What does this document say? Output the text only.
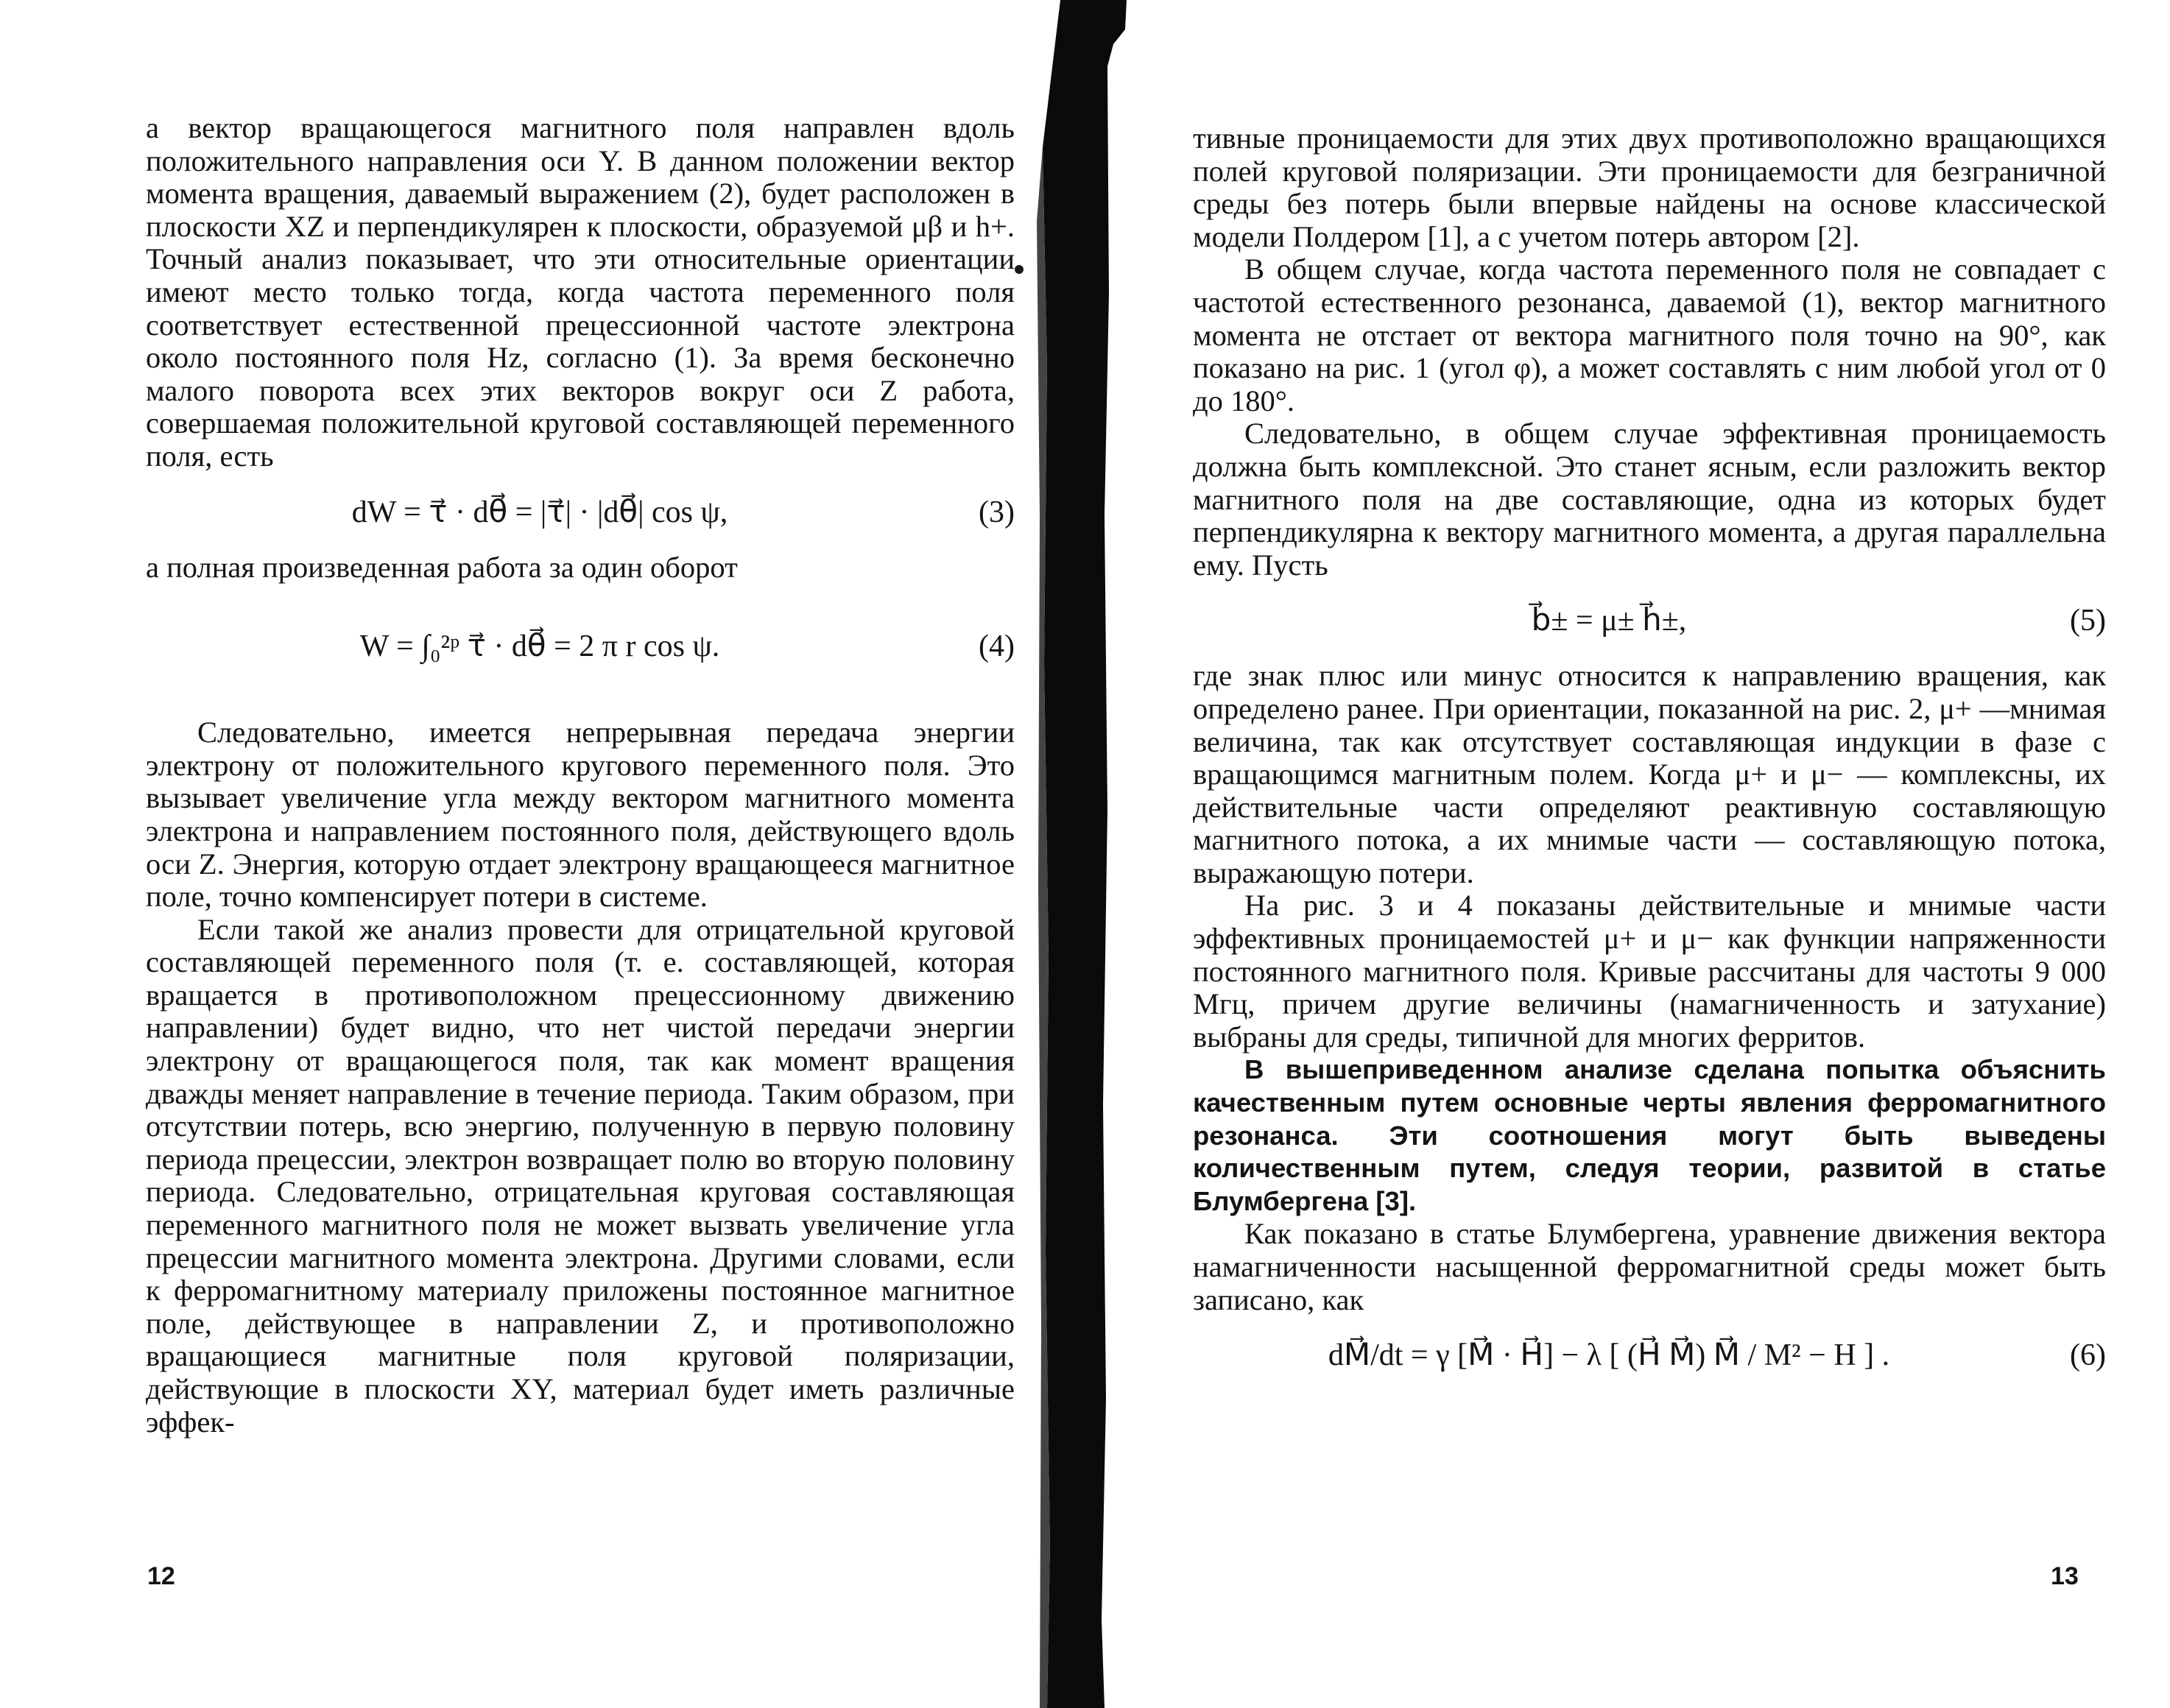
а вектор вращающегося магнитного поля направлен вдоль положительного направления оси Y. В данном положении вектор момента вращения, даваемый выражением (2), будет расположен в плоскости XZ и перпендикулярен к плоскости, образуемой μβ и h+. Точный анализ показывает, что эти относительные ориентации имеют место только тогда, когда частота переменного поля соответствует естественной прецессионной частоте электрона около постоянного поля Hz, согласно (1). За время бесконечно малого поворота всех этих векторов вокруг оси Z работа, совершаемая положительной круговой составляющей переменного поля, есть

dW = τ⃗ · dθ⃗ = |τ⃗| · |dθ⃗| cos ψ,	(3)

а полная произведенная работа за один оборот

W = ∫₀²ᵖ τ⃗ · dθ⃗ = 2 π r cos ψ.	(4)

Следовательно, имеется непрерывная передача энергии электрону от положительного кругового переменного поля. Это вызывает увеличение угла между вектором магнитного момента электрона и направлением постоянного поля, действующего вдоль оси Z. Энергия, которую отдает электрону вращающееся магнитное поле, точно компенсирует потери в системе.

Если такой же анализ провести для отрицательной круговой составляющей переменного поля (т. е. составляющей, которая вращается в противоположном прецессионному движению направлении) будет видно, что нет чистой передачи энергии электрону от вращающегося поля, так как момент вращения дважды меняет направление в течение периода. Таким образом, при отсутствии потерь, всю энергию, полученную в первую половину периода прецессии, электрон возвращает полю во вторую половину периода. Следовательно, отрицательная круговая составляющая переменного магнитного поля не может вызвать увеличение угла прецессии магнитного момента электрона. Другими словами, если к ферромагнитному материалу приложены постоянное магнитное поле, действующее в направлении Z, и противоположно вращающиеся магнитные поля круговой поляризации, действующие в плоскости XY, материал будет иметь различные эффек-

12

тивные проницаемости для этих двух противоположно вращающихся полей круговой поляризации. Эти проницаемости для безграничной среды без потерь были впервые найдены на основе классической модели Полдером [1], а с учетом потерь автором [2].

В общем случае, когда частота переменного поля не совпадает с частотой естественного резонанса, даваемой (1), вектор магнитного момента не отстает от вектора магнитного поля точно на 90°, как показано на рис. 1 (угол φ), а может составлять с ним любой угол от 0 до 180°.

Следовательно, в общем случае эффективная проницаемость должна быть комплексной. Это станет ясным, если разложить вектор магнитного поля на две составляющие, одна из которых будет перпендикулярна к вектору магнитного момента, а другая параллельна ему. Пусть

b⃗± = μ± h⃗±,	(5)

где знак плюс или минус относится к направлению вращения, как определено ранее. При ориентации, показанной на рис. 2, μ+ —мнимая величина, так как отсутствует составляющая индукции в фазе с вращающимся магнитным полем. Когда μ+ и μ− — комплексны, их действительные части определяют реактивную составляющую магнитного потока, а их мнимые части — составляющую потока, выражающую потери.

На рис. 3 и 4 показаны действительные и мнимые части эффективных проницаемостей μ+ и μ− как функции напряженности постоянного магнитного поля. Кривые рассчитаны для частоты 9 000 Мгц, причем другие величины (намагниченность и затухание) выбраны для среды, типичной для многих ферритов.

В вышеприведенном анализе сделана попытка объяснить качественным путем основные черты явления ферромагнитного резонанса. Эти соотношения могут быть выведены количественным путем, следуя теории, развитой в статье Блумбергена [3].

Как показано в статье Блумбергена, уравнение движения вектора намагниченности насыщенной ферромагнитной среды может быть записано, как

dM⃗/dt = γ [M⃗ · H⃗] − λ [ (H⃗ M⃗) M⃗ / M² − H ] .	(6)
13
